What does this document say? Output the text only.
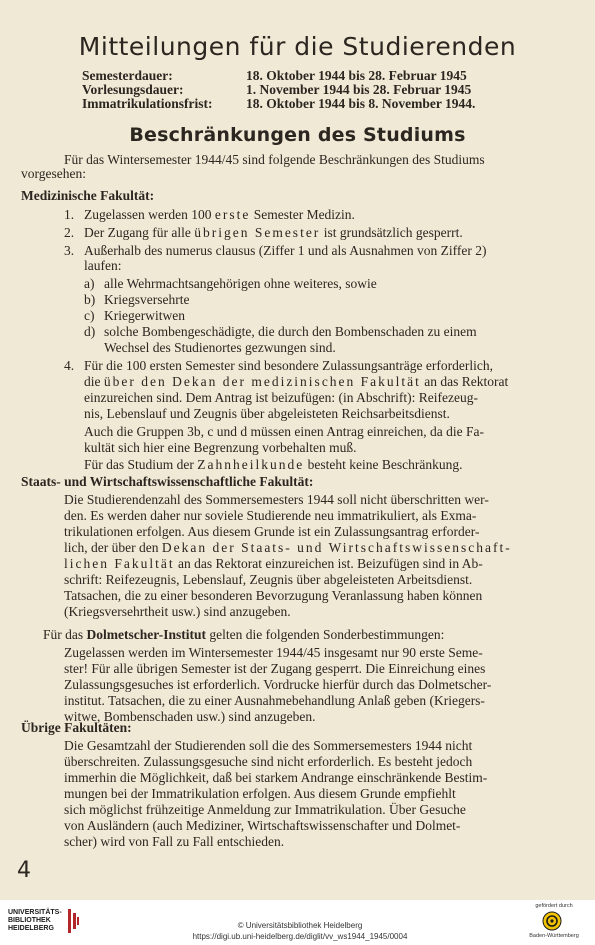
Mitteilungen für die Studierenden
Semesterdauer:	18. Oktober 1944 bis 28. Februar 1945
Vorlesungsdauer:	1. November 1944 bis 28. Februar 1945
Immatrikulationsfrist: 18. Oktober 1944 bis 8. November 1944.
Beschränkungen des Studiums
Für das Wintersemester 1944/45 sind folgende Beschränkungen des Studiums
vorgesehen:
Medizinische Fakultät:
1. Zugelassen werden 100 erste Semester Medizin.
2. Der Zugang für alle übrigen Semester ist grundsätzlich gesperrt.
3. Außerhalb des numerus clausus (Ziffer 1 und als Ausnahmen von Ziffer 2)
laufen:
a) alle Wehrmachtsangehörigen ohne weiteres, sowie
b) Kriegsversehrte
c) Kriegerwitwen
d) solche Bombengeschädigte, die durch den Bombenschaden zu einem
Wechsel des Studienortes gezwungen sind.
4. Für die 100 ersten Semester sind besondere Zulassungsanträge erforderlich,
die über den Dekan der medizinischen Fakultät an das Rektorat
einzureichen sind. Dem Antrag ist beizufügen: (in Abschrift): Reifezeug-
nis, Lebenslauf und Zeugnis über abgeleisteten Reichsarbeitsdienst.
Auch die Gruppen 3b, c und d müssen einen Antrag einreichen, da die Fa-
kultät sich hier eine Begrenzung vorbehalten muß.
Für das Studium der Zahnheilkunde besteht keine Beschränkung.
Staats- und Wirtschaftswissenschaftliche Fakultät:
Die Studierendenzahl des Sommersemesters 1944 soll nicht überschritten wer-
den. Es werden daher nur soviele Studierende neu immatrikuliert, als Exma-
trikulationen erfolgen. Aus diesem Grunde ist ein Zulassungsantrag erforder-
lich, der über den Dekan der Staats- und Wirtschaftswissenschaft-
lichen Fakultät an das Rektorat einzureichen ist. Beizufügen sind in Ab-
schrift: Reifezeugnis, Lebenslauf, Zeugnis über abgeleisteten Arbeitsdienst.
Tatsachen, die zu einer besonderen Bevorzugung Veranlassung haben können
(Kriegsversehrtheit usw.) sind anzugeben.
Für das Dolmetscher-Institut gelten die folgenden Sonderbestimmungen:
Zugelassen werden im Wintersemester 1944/45 insgesamt nur 90 erste Seme-
ster! Für alle übrigen Semester ist der Zugang gesperrt. Die Einreichung eines
Zulassungsgesuches ist erforderlich. Vordrucke hierfür durch das Dolmetscher-
institut. Tatsachen, die zu einer Ausnahmebehandlung Anlaß geben (Kriegers-
witwe, Bombenschaden usw.) sind anzugeben.
Übrige Fakultäten:
Die Gesamtzahl der Studierenden soll die des Sommersemesters 1944 nicht
überschreiten. Zulassungsgesuche sind nicht erforderlich. Es besteht jedoch
immerhin die Möglichkeit, daß bei starkem Andrange einschränkende Bestim-
mungen bei der Immatrikulation erfolgen. Aus diesem Grunde empfiehlt
sich möglichst frühzeitige Anmeldung zur Immatrikulation. Über Gesuche
von Ausländern (auch Mediziner, Wirtschaftswissenschafter und Dolmet-
scher) wird von Fall zu Fall entschieden.
4
UNIVERSITÄTS-
BIBLIOTHEK
HEIDELBERG	© Universitätsbibliothek Heidelberg
https://digi.ub.uni-heidelberg.de/diglit/vv_ws1944_1945/0004
gefördert durch
Baden-Württemberg
